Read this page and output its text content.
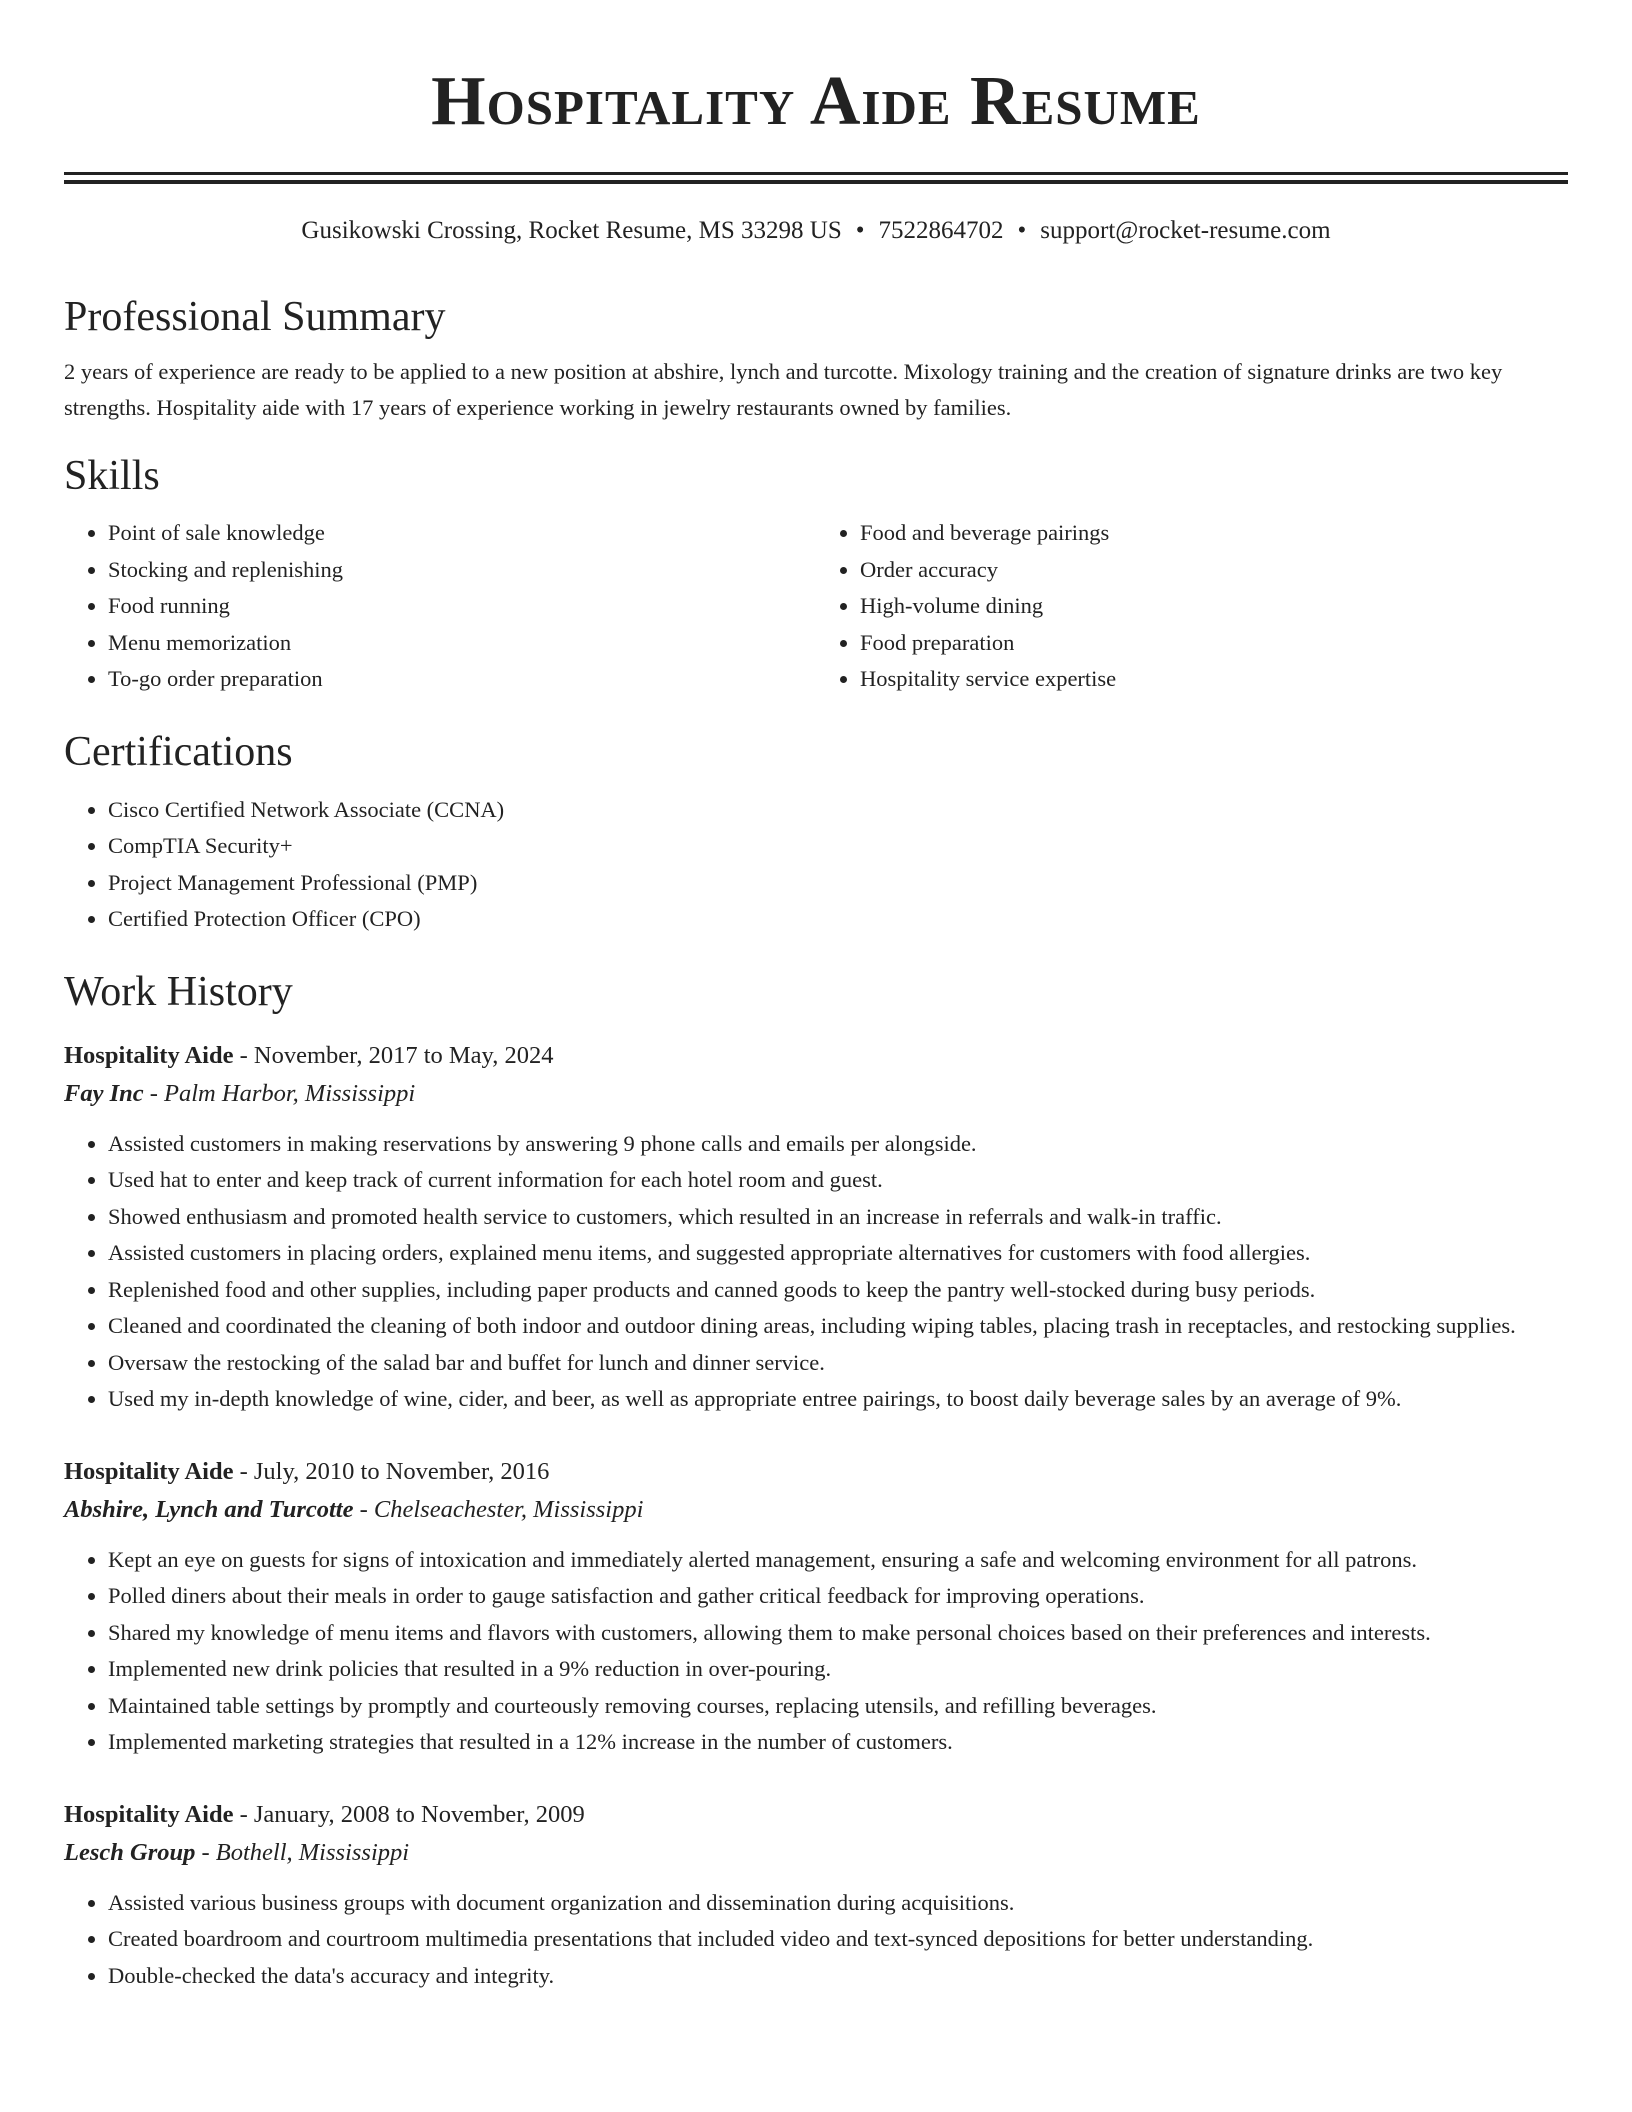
Hospitality Aide Resume
Gusikowski Crossing, Rocket Resume, MS 33298 US • 7522864702 • support@rocket-resume.com
Professional Summary
2 years of experience are ready to be applied to a new position at abshire, lynch and turcotte. Mixology training and the creation of signature drinks are two key strengths. Hospitality aide with 17 years of experience working in jewelry restaurants owned by families.
Skills
• Point of sale knowledge
• Stocking and replenishing
• Food running
• Menu memorization
• To-go order preparation
• Food and beverage pairings
• Order accuracy
• High-volume dining
• Food preparation
• Hospitality service expertise
Certifications
• Cisco Certified Network Associate (CCNA)
• CompTIA Security+
• Project Management Professional (PMP)
• Certified Protection Officer (CPO)
Work History
Hospitality Aide - November, 2017 to May, 2024
Fay Inc - Palm Harbor, Mississippi
• Assisted customers in making reservations by answering 9 phone calls and emails per alongside.
• Used hat to enter and keep track of current information for each hotel room and guest.
• Showed enthusiasm and promoted health service to customers, which resulted in an increase in referrals and walk-in traffic.
• Assisted customers in placing orders, explained menu items, and suggested appropriate alternatives for customers with food allergies.
• Replenished food and other supplies, including paper products and canned goods to keep the pantry well-stocked during busy periods.
• Cleaned and coordinated the cleaning of both indoor and outdoor dining areas, including wiping tables, placing trash in receptacles, and restocking supplies.
• Oversaw the restocking of the salad bar and buffet for lunch and dinner service.
• Used my in-depth knowledge of wine, cider, and beer, as well as appropriate entree pairings, to boost daily beverage sales by an average of 9%.
Hospitality Aide - July, 2010 to November, 2016
Abshire, Lynch and Turcotte - Chelseachester, Mississippi
• Kept an eye on guests for signs of intoxication and immediately alerted management, ensuring a safe and welcoming environment for all patrons.
• Polled diners about their meals in order to gauge satisfaction and gather critical feedback for improving operations.
• Shared my knowledge of menu items and flavors with customers, allowing them to make personal choices based on their preferences and interests.
• Implemented new drink policies that resulted in a 9% reduction in over-pouring.
• Maintained table settings by promptly and courteously removing courses, replacing utensils, and refilling beverages.
• Implemented marketing strategies that resulted in a 12% increase in the number of customers.
Hospitality Aide - January, 2008 to November, 2009
Lesch Group - Bothell, Mississippi
• Assisted various business groups with document organization and dissemination during acquisitions.
• Created boardroom and courtroom multimedia presentations that included video and text-synced depositions for better understanding.
• Double-checked the data's accuracy and integrity.
